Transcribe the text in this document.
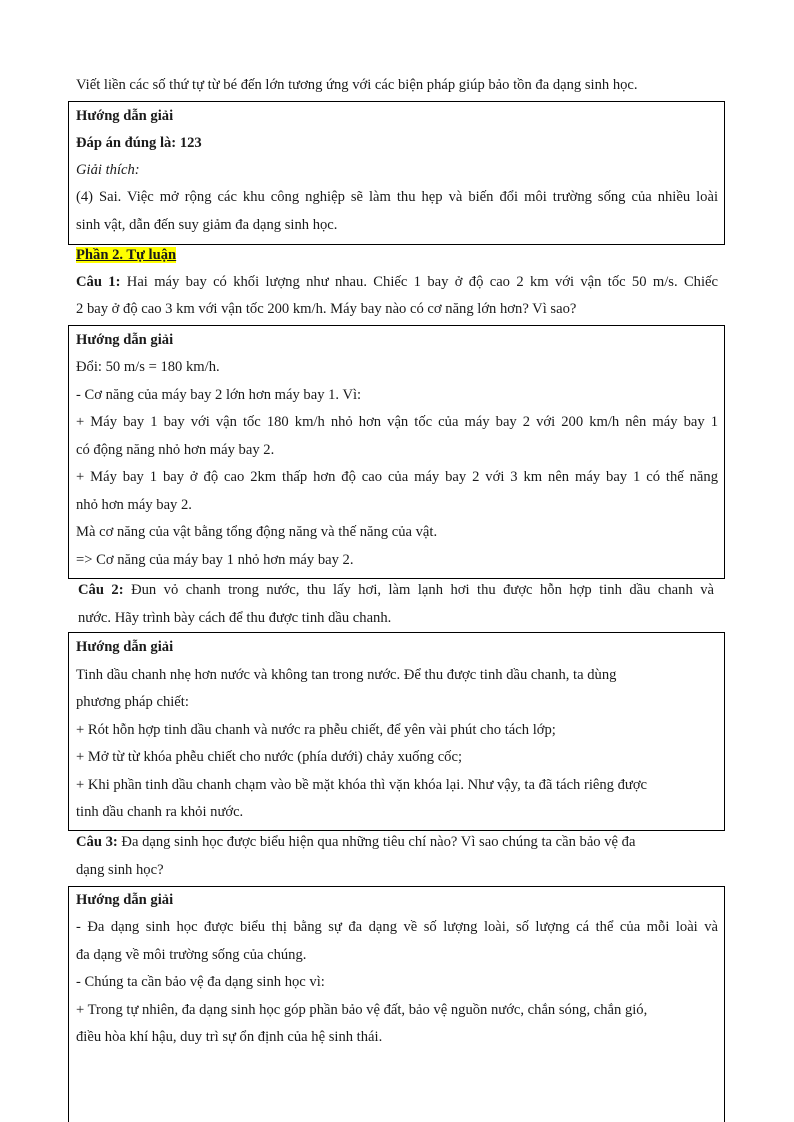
Viết liền các số thứ tự từ bé đến lớn tương ứng với các biện pháp giúp bảo tồn đa dạng sinh học.
Hướng dẫn giải
Đáp án đúng là: 123
Giải thích:
(4) Sai. Việc mở rộng các khu công nghiệp sẽ làm thu hẹp và biến đổi môi trường sống của nhiều loài
sinh vật, dẫn đến suy giảm đa dạng sinh học.
Phần 2. Tự luận
Câu 1: Hai máy bay có khối lượng như nhau. Chiếc 1 bay ở độ cao 2 km với vận tốc 50 m/s. Chiếc
2 bay ở độ cao 3 km với vận tốc 200 km/h. Máy bay nào có cơ năng lớn hơn? Vì sao?
Hướng dẫn giải
Đổi: 50 m/s = 180 km/h.
- Cơ năng của máy bay 2 lớn hơn máy bay 1. Vì:
+ Máy bay 1 bay với vận tốc 180 km/h nhỏ hơn vận tốc của máy bay 2 với 200 km/h nên máy bay 1
có động năng nhỏ hơn máy bay 2.
+ Máy bay 1 bay ở độ cao 2km thấp hơn độ cao của máy bay 2 với 3 km nên máy bay 1 có thế năng
nhỏ hơn máy bay 2.
Mà cơ năng của vật bằng tổng động năng và thế năng của vật.
=> Cơ năng của máy bay 1 nhỏ hơn máy bay 2.
Câu 2: Đun vỏ chanh trong nước, thu lấy hơi, làm lạnh hơi thu được hỗn hợp tinh dầu chanh và
nước. Hãy trình bày cách để thu được tinh dầu chanh.
Hướng dẫn giải
Tinh dầu chanh nhẹ hơn nước và không tan trong nước. Để thu được tinh dầu chanh, ta dùng
phương pháp chiết:
+ Rót hỗn hợp tinh dầu chanh và nước ra phễu chiết, để yên vài phút cho tách lớp;
+ Mở từ từ khóa phễu chiết cho nước (phía dưới) chảy xuống cốc;
+ Khi phần tinh dầu chanh chạm vào bề mặt khóa thì vặn khóa lại. Như vậy, ta đã tách riêng được
tinh dầu chanh ra khỏi nước.
Câu 3: Đa dạng sinh học được biểu hiện qua những tiêu chí nào? Vì sao chúng ta cần bảo vệ đa
dạng sinh học?
Hướng dẫn giải
- Đa dạng sinh học được biểu thị bằng sự đa dạng về số lượng loài, số lượng cá thể của mỗi loài và
đa dạng về môi trường sống của chúng.
- Chúng ta cần bảo vệ đa dạng sinh học vì:
+ Trong tự nhiên, đa dạng sinh học góp phần bảo vệ đất, bảo vệ nguồn nước, chắn sóng, chắn gió,
điều hòa khí hậu, duy trì sự ổn định của hệ sinh thái.
